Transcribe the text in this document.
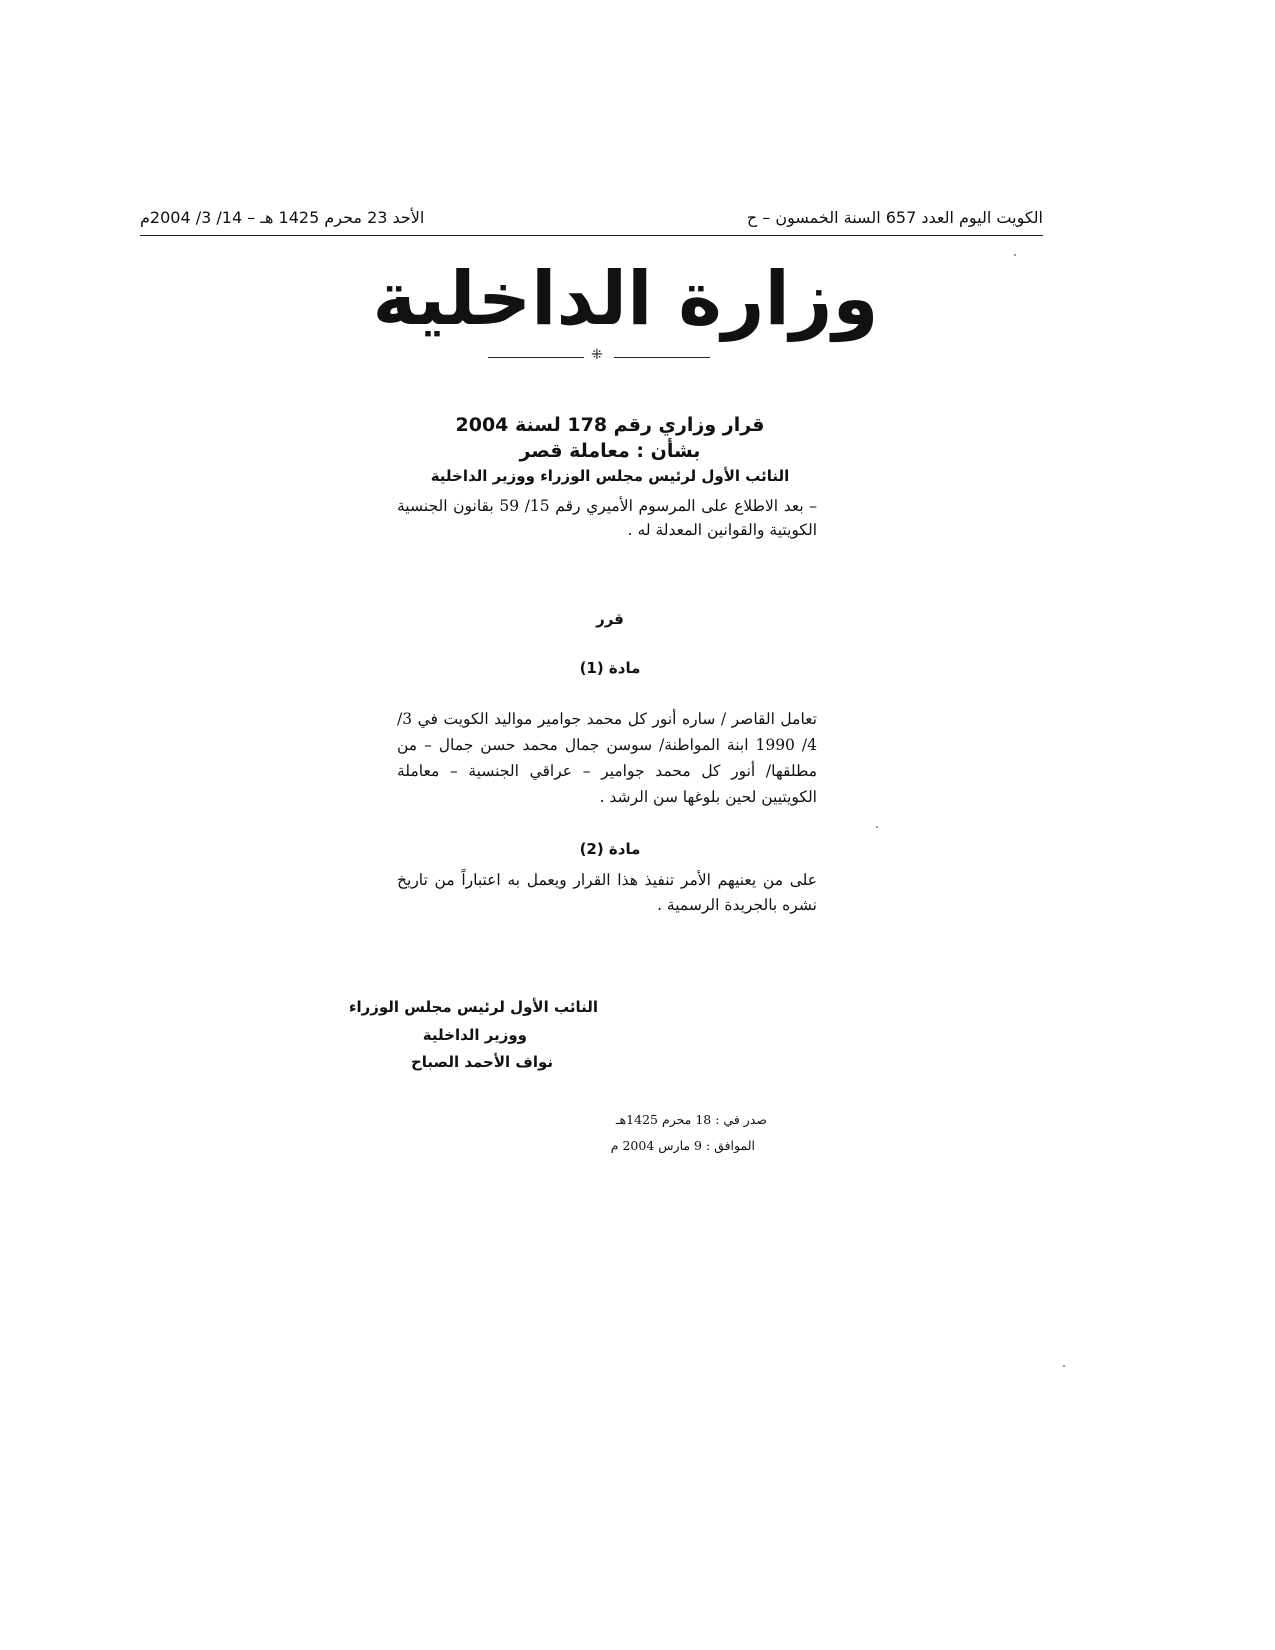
الكويت اليوم العدد 657 السنة الخمسون – ح
الأحد 23 محرم 1425 هـ – 14/ 3/ 2004م
وزارة الداخلية
⁜
قرار وزاري رقم 178 لسنة 2004
بشأن : معاملة قصر
النائب الأول لرئيس مجلس الوزراء ووزير الداخلية
– بعد الاطلاع على المرسوم الأميري رقم 15/ 59 بقانون الجنسية الكويتية والقوانين المعدلة له .
قرر
مادة (1)
تعامل القاصر / ساره أنور كل محمد جوامير مواليد الكويت في 3/ 4/ 1990 ابنة المواطنة/ سوسن جمال محمد حسن جمال – من مطلقها/ أنور كل محمد جوامير – عراقي الجنسية – معاملة الكويتيين لحين بلوغها سن الرشد .
مادة (2)
على من يعنيهم الأمر تنفيذ هذا القرار ويعمل به اعتباراً من تاريخ نشره بالجريدة الرسمية .
النائب الأول لرئيس مجلس الوزراء
ووزير الداخلية
نواف الأحمد الصباح
صدر في : 18 محرم 1425هـ
الموافق : 9 مارس 2004 م
